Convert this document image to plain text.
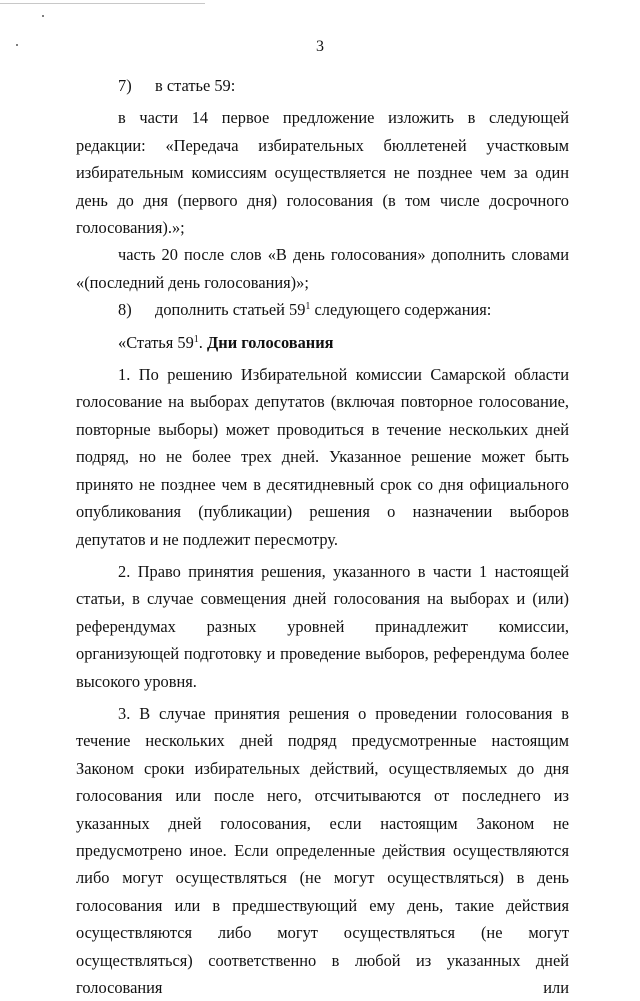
3

7) в статье 59:

в части 14 первое предложение изложить в следующей редакции: «Передача избирательных бюллетеней участковым избирательным комиссиям осуществляется не позднее чем за один день до дня (первого дня) голосования (в том числе досрочного голосования).»;

часть 20 после слов «В день голосования» дополнить словами «(последний день голосования)»;

8) дополнить статьей $59^1$ следующего содержания:

«Статья $59^1$. Дни голосования

1. По решению Избирательной комиссии Самарской области голосование на выборах депутатов (включая повторное голосование, повторные выборы) может проводиться в течение нескольких дней подряд, но не более трех дней. Указанное решение может быть принято не позднее чем в десятидневный срок со дня официального опубликования (публикации) решения о назначении выборов депутатов и не подлежит пересмотру.

2. Право принятия решения, указанного в части 1 настоящей статьи, в случае совмещения дней голосования на выборах и (или) референдумах разных уровней принадлежит комиссии, организующей подготовку и проведение выборов, референдума более высокого уровня.

3. В случае принятия решения о проведении голосования в течение нескольких дней подряд предусмотренные настоящим Законом сроки избирательных действий, осуществляемых до дня голосования или после него, отсчитываются от последнего из указанных дней голосования, если настоящим Законом не предусмотрено иное. Если определенные действия осуществляются либо могут осуществляться (не могут осуществляться) в день голосования или в предшествующий ему день, такие действия осуществляются либо могут осуществляться (не могут осуществляться) соответственно в любой из указанных дней голосования или
